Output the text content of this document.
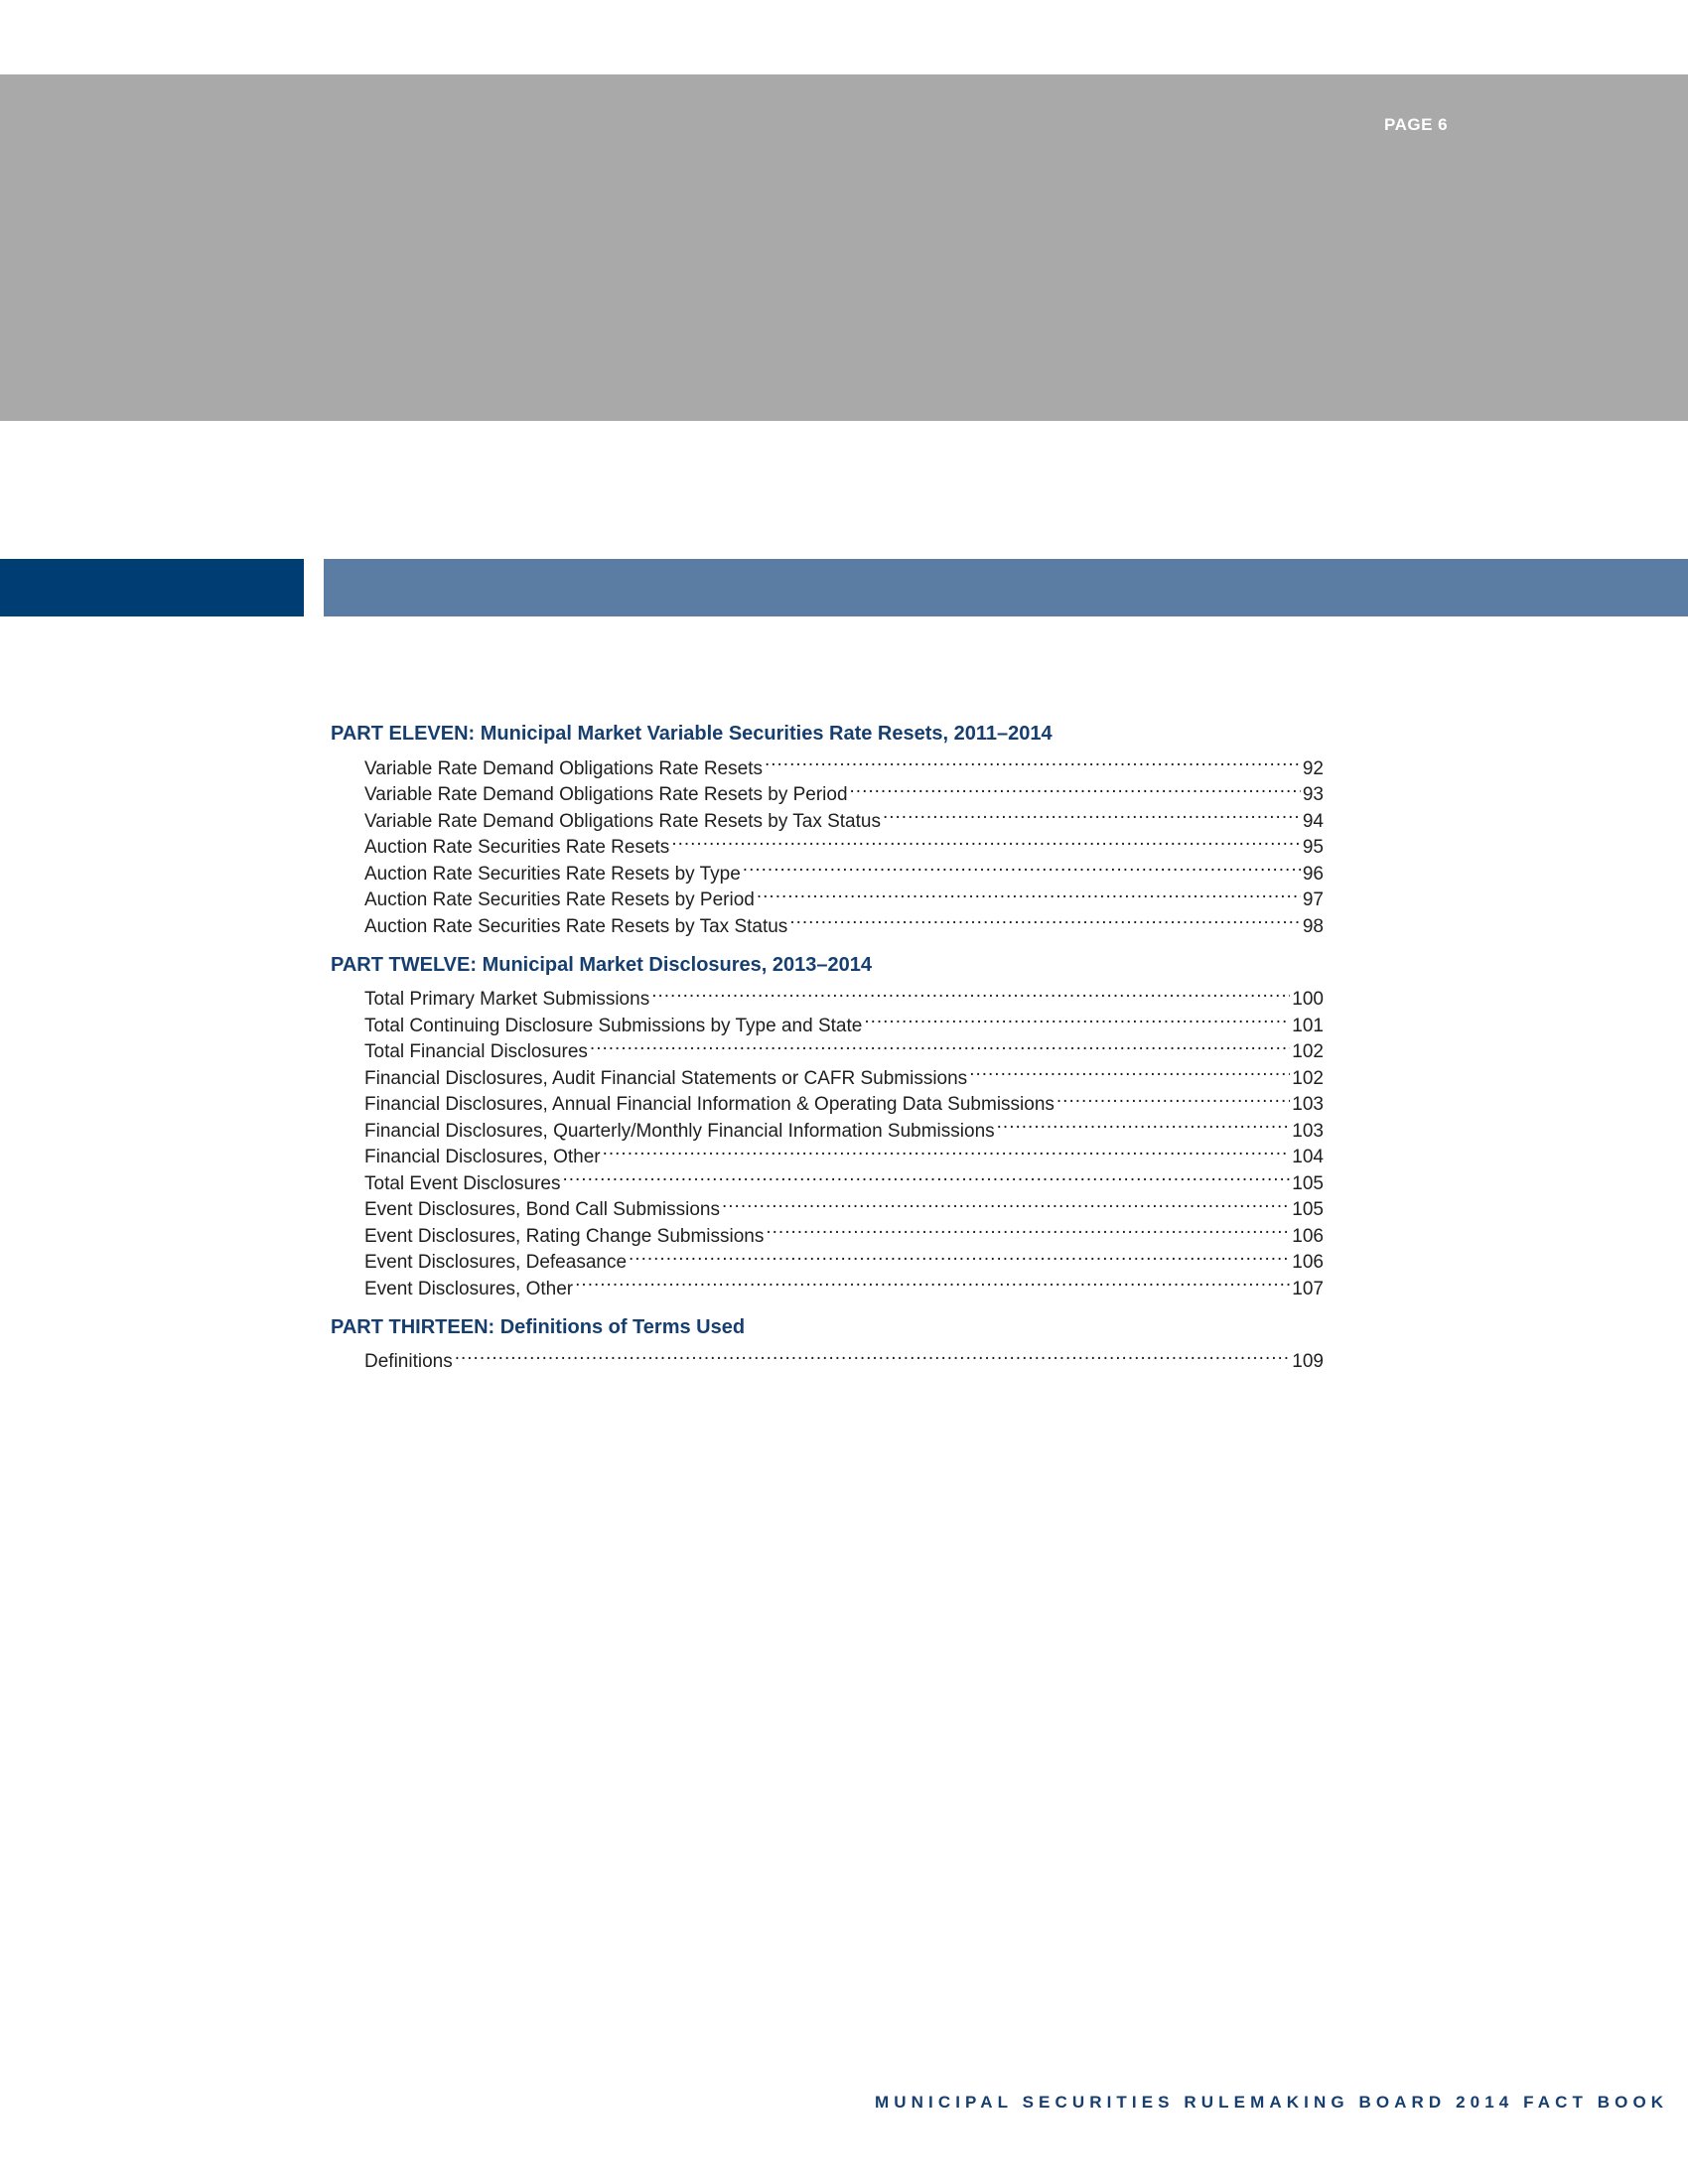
PAGE 6
PART ELEVEN: Municipal Market Variable Securities Rate Resets, 2011–2014
Variable Rate Demand Obligations Rate Resets .....	92
Variable Rate Demand Obligations Rate Resets by Period .....	93
Variable Rate Demand Obligations Rate Resets by Tax Status .....	94
Auction Rate Securities Rate Resets .....	95
Auction Rate Securities Rate Resets by Type .....	96
Auction Rate Securities Rate Resets by Period .....	97
Auction Rate Securities Rate Resets by Tax Status .....	98
PART TWELVE: Municipal Market Disclosures, 2013–2014
Total Primary Market Submissions .....	100
Total Continuing Disclosure Submissions by Type and State .....	101
Total Financial Disclosures .....	102
Financial Disclosures, Audit Financial Statements or CAFR Submissions .....	102
Financial Disclosures, Annual Financial Information & Operating Data Submissions .....	103
Financial Disclosures, Quarterly/Monthly Financial Information Submissions .....	103
Financial Disclosures, Other .....	104
Total Event Disclosures .....	105
Event Disclosures, Bond Call Submissions .....	105
Event Disclosures, Rating Change Submissions .....	106
Event Disclosures, Defeasance .....	106
Event Disclosures, Other .....	107
PART THIRTEEN: Definitions of Terms Used
Definitions .....	109
MUNICIPAL SECURITIES RULEMAKING BOARD 2014 FACT BOOK
